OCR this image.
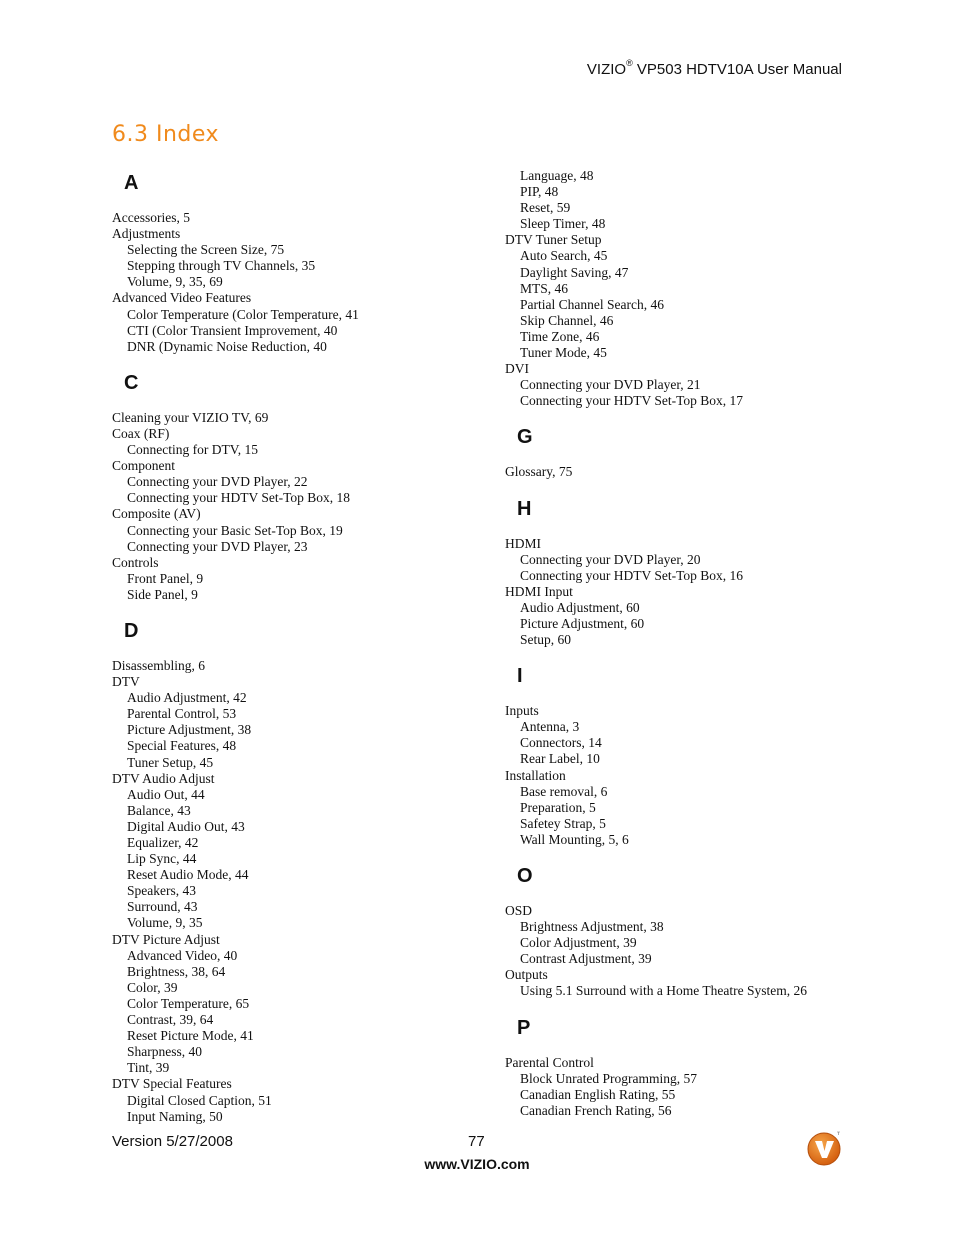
VIZIO® VP503 HDTV10A User Manual
6.3 Index
A
Accessories, 5
Adjustments
Selecting the Screen Size, 75
Stepping through TV Channels, 35
Volume, 9, 35, 69
Advanced Video Features
Color Temperature (Color Temperature, 41
CTI (Color Transient Improvement, 40
DNR (Dynamic Noise Reduction, 40
C
Cleaning your VIZIO TV, 69
Coax (RF)
Connecting for DTV, 15
Component
Connecting your DVD Player, 22
Connecting your HDTV Set-Top Box, 18
Composite (AV)
Connecting your Basic Set-Top Box, 19
Connecting your DVD Player, 23
Controls
Front Panel, 9
Side Panel, 9
D
Disassembling, 6
DTV
Audio Adjustment, 42
Parental Control, 53
Picture Adjustment, 38
Special Features, 48
Tuner Setup, 45
DTV Audio Adjust
Audio Out, 44
Balance, 43
Digital Audio Out, 43
Equalizer, 42
Lip Sync, 44
Reset Audio Mode, 44
Speakers, 43
Surround, 43
Volume, 9, 35
DTV Picture Adjust
Advanced Video, 40
Brightness, 38, 64
Color, 39
Color Temperature, 65
Contrast, 39, 64
Reset Picture Mode, 41
Sharpness, 40
Tint, 39
DTV Special Features
Digital Closed Caption, 51
Input Naming, 50
Language, 48
PIP, 48
Reset, 59
Sleep Timer, 48
DTV Tuner Setup
Auto Search, 45
Daylight Saving, 47
MTS, 46
Partial Channel Search, 46
Skip Channel, 46
Time Zone, 46
Tuner Mode, 45
DVI
Connecting your DVD Player, 21
Connecting your HDTV Set-Top Box, 17
G
Glossary, 75
H
HDMI
Connecting your DVD Player, 20
Connecting your HDTV Set-Top Box, 16
HDMI Input
Audio Adjustment, 60
Picture Adjustment, 60
Setup, 60
I
Inputs
Antenna, 3
Connectors, 14
Rear Label, 10
Installation
Base removal, 6
Preparation, 5
Safetey Strap, 5
Wall Mounting, 5, 6
O
OSD
Brightness Adjustment, 38
Color Adjustment, 39
Contrast Adjustment, 39
Outputs
Using 5.1 Surround with a Home Theatre System, 26
P
Parental Control
Block Unrated Programming, 57
Canadian English Rating, 55
Canadian French Rating, 56
Version 5/27/2008	77
www.VIZIO.com
